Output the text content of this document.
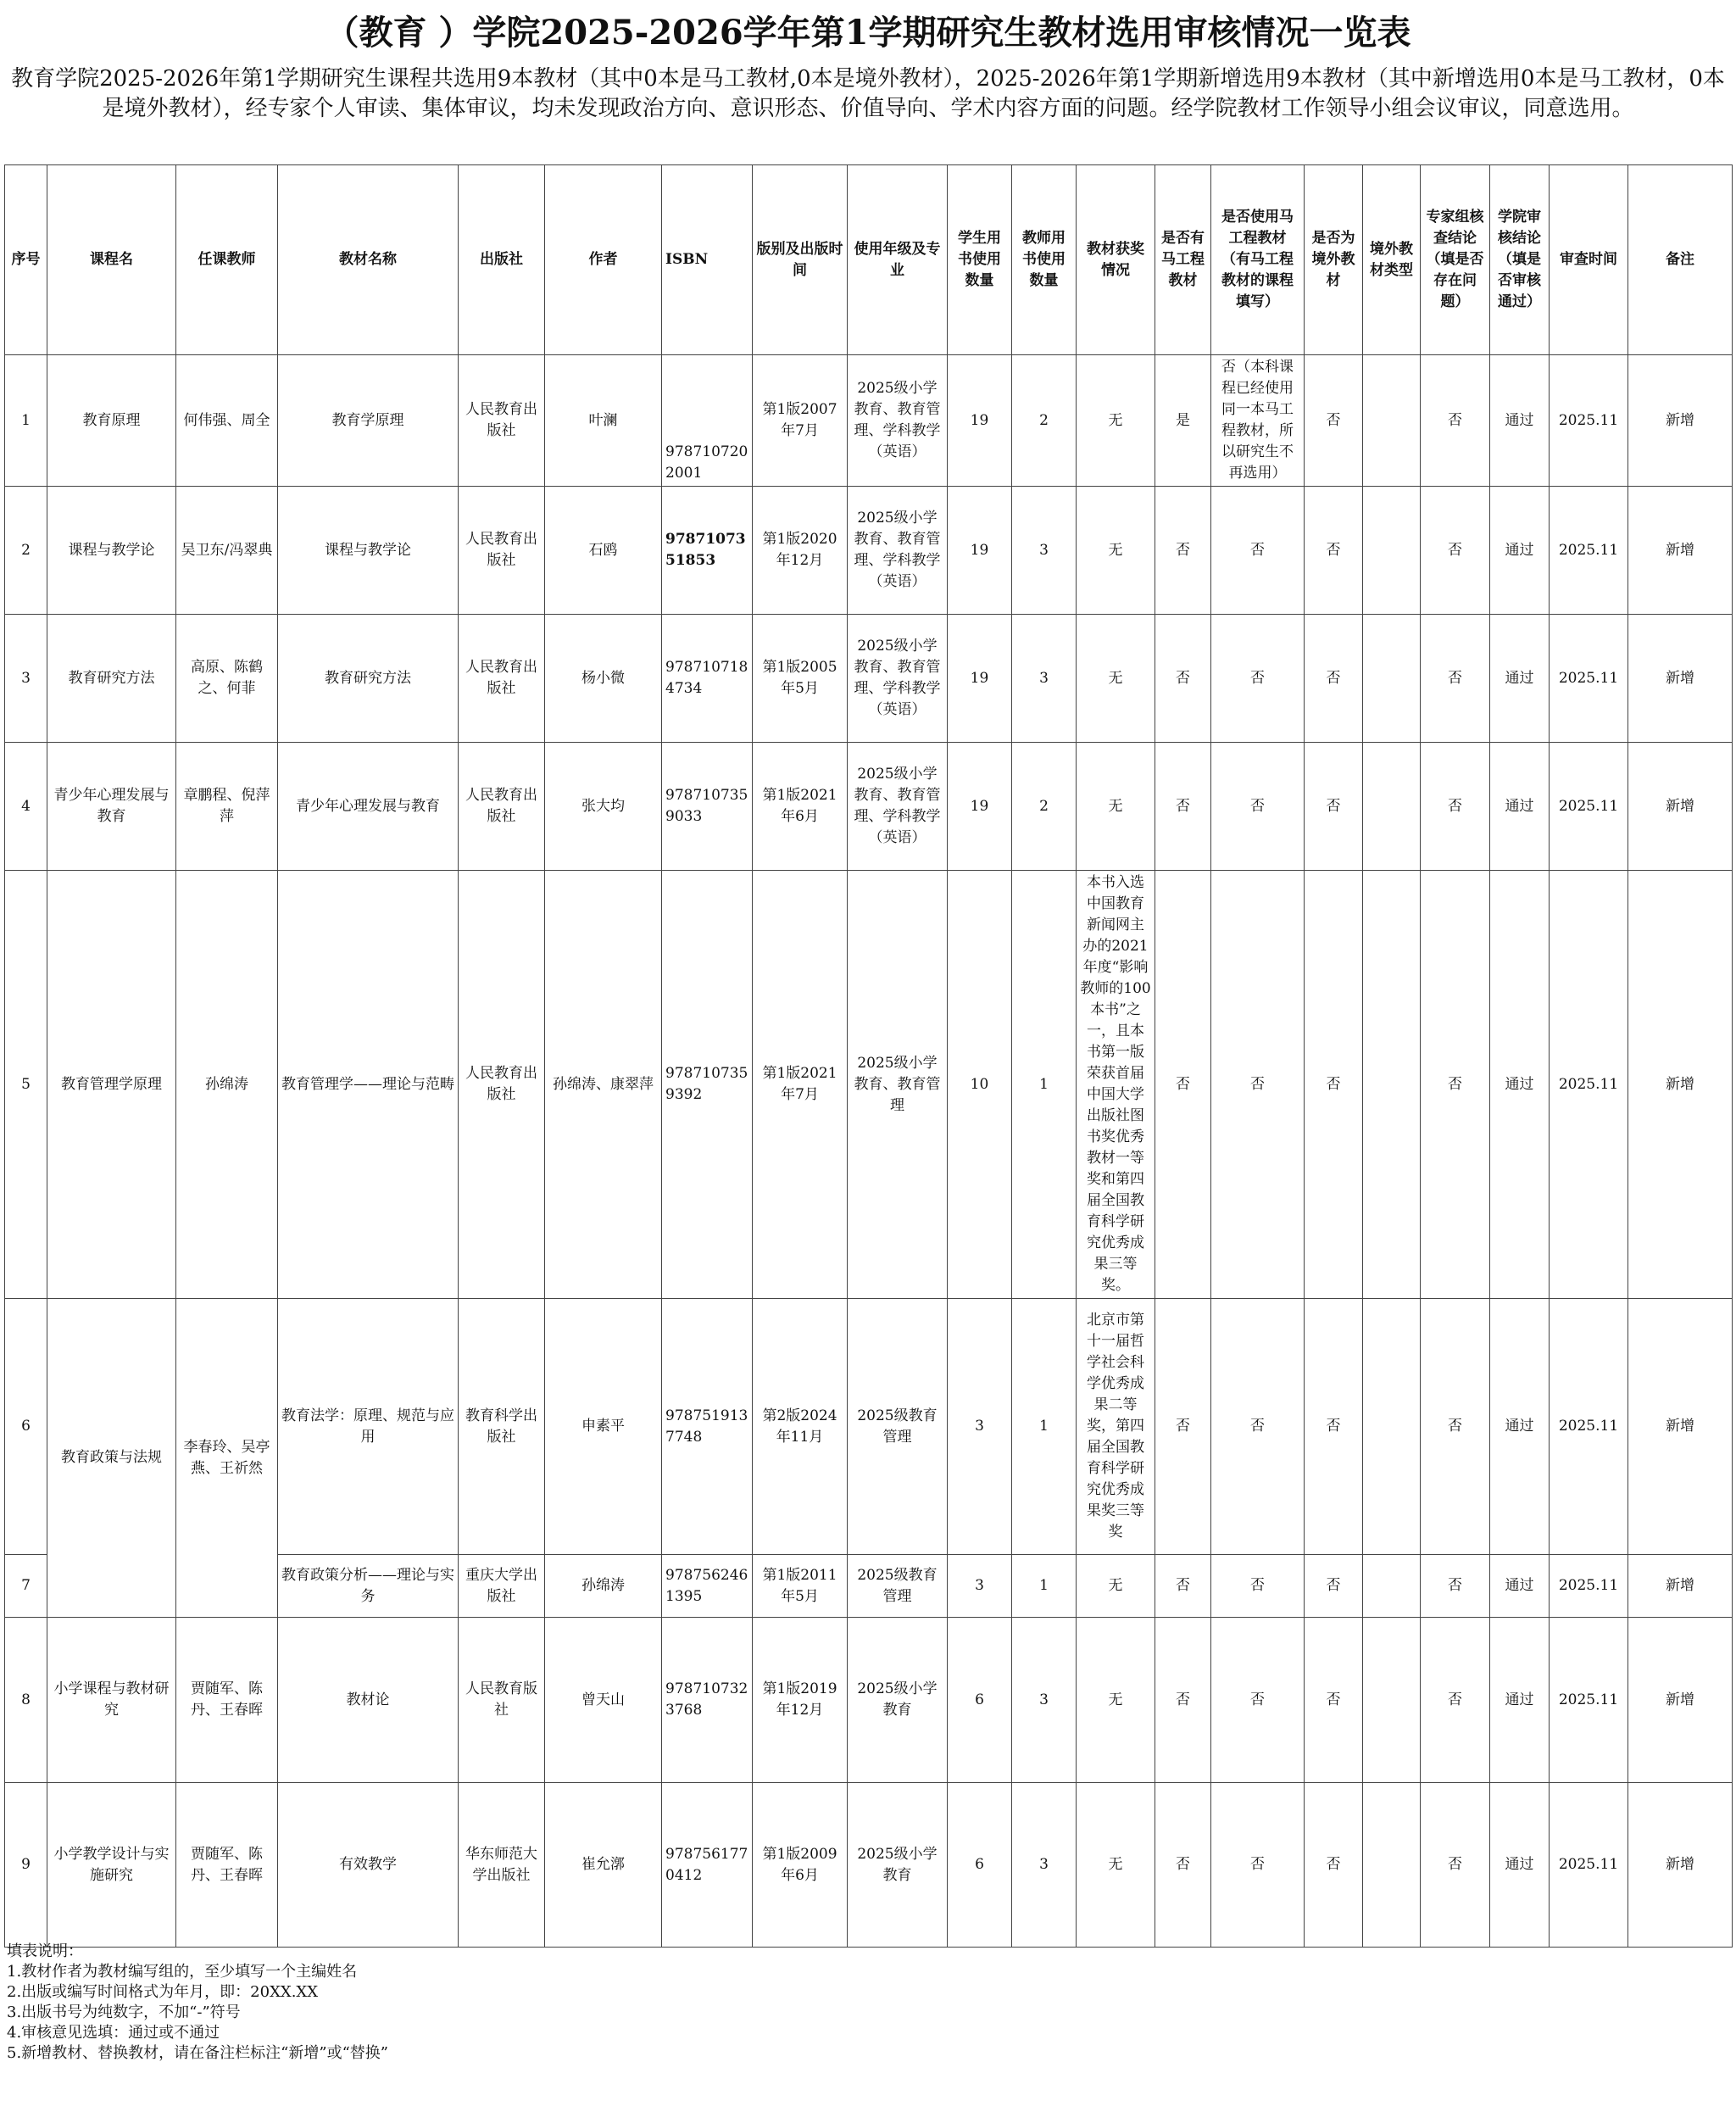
（教育 ）学院2025-2026学年第1学期研究生教材选用审核情况一览表
教育学院2025-2026年第1学期研究生课程共选用9本教材（其中0本是马工教材,0本是境外教材），2025-2026年第1学期新增选用9本教材（其中新增选用0本是马工教材，0本是境外教材），经专家个人审读、集体审议，均未发现政治方向、意识形态、价值导向、学术内容方面的问题。经学院教材工作领导小组会议审议，同意选用。
序号	课程名	任课教师	教材名称	出版社	作者	ISBN	版别及出版时间	使用年级及专业	学生用书使用数量	教师用书使用数量	教材获奖情况	是否有马工程教材	是否使用马工程教材（有马工程教材的课程填写）	是否为境外教材	境外教材类型	专家组核查结论（填是否存在问题）	学院审核结论（填是否审核通过）	审查时间	备注
1	教育原理	何伟强、周全	教育学原理	人民教育出版社	叶澜	9787107202001	第1版2007年7月	2025级小学教育、教育管理、学科教学（英语）	19	2	无	是	否（本科课程已经使用同一本马工程教材，所以研究生不再选用）	否		否	通过	2025.11	新增
2	课程与教学论	吴卫东/冯翠典	课程与教学论	人民教育出版社	石鸥	9787107351853	第1版2020年12月	2025级小学教育、教育管理、学科教学（英语）	19	3	无	否	否	否		否	通过	2025.11	新增
3	教育研究方法	高原、陈鹤之、何菲	教育研究方法	人民教育出版社	杨小微	9787107184734	第1版2005年5月	2025级小学教育、教育管理、学科教学（英语）	19	3	无	否	否	否		否	通过	2025.11	新增
4	青少年心理发展与教育	章鹏程、倪萍萍	青少年心理发展与教育	人民教育出版社	张大均	9787107359033	第1版2021年6月	2025级小学教育、教育管理、学科教学（英语）	19	2	无	否	否	否		否	通过	2025.11	新增
5	教育管理学原理	孙绵涛	教育管理学——理论与范畴	人民教育出版社	孙绵涛、康翠萍	9787107359392	第1版2021年7月	2025级小学教育、教育管理	10	1	本书入选中国教育新闻网主办的2021年度“影响教师的100本书”之一，且本书第一版荣获首届中国大学出版社图书奖优秀教材一等奖和第四届全国教育科学研究优秀成果三等奖。	否	否	否		否	通过	2025.11	新增
6	教育政策与法规	李春玲、吴亭燕、王祈然	教育法学：原理、规范与应用	教育科学出版社	申素平	9787519137748	第2版2024年11月	2025级教育管理	3	1	北京市第十一届哲学社会科学优秀成果二等奖，第四届全国教育科学研究优秀成果奖三等奖	否	否	否		否	通过	2025.11	新增
7			教育政策分析——理论与实务	重庆大学出版社	孙绵涛	9787562461395	第1版2011年5月	2025级教育管理	3	1	无	否	否	否		否	通过	2025.11	新增
8	小学课程与教材研究	贾随军、陈丹、王春晖	教材论	人民教育版社	曾天山	9787107323768	第1版2019年12月	2025级小学教育	6	3	无	否	否	否		否	通过	2025.11	新增
9	小学教学设计与实施研究	贾随军、陈丹、王春晖	有效教学	华东师范大学出版社	崔允漷	9787561770412	第1版2009年6月	2025级小学教育	6	3	无	否	否	否		否	通过	2025.11	新增
填表说明：
1.教材作者为教材编写组的，至少填写一个主编姓名
2.出版或编写时间格式为年月，即：20XX.XX
3.出版书号为纯数字，不加“-”符号
4.审核意见选填：通过或不通过
5.新增教材、替换教材，请在备注栏标注“新增”或“替换”
